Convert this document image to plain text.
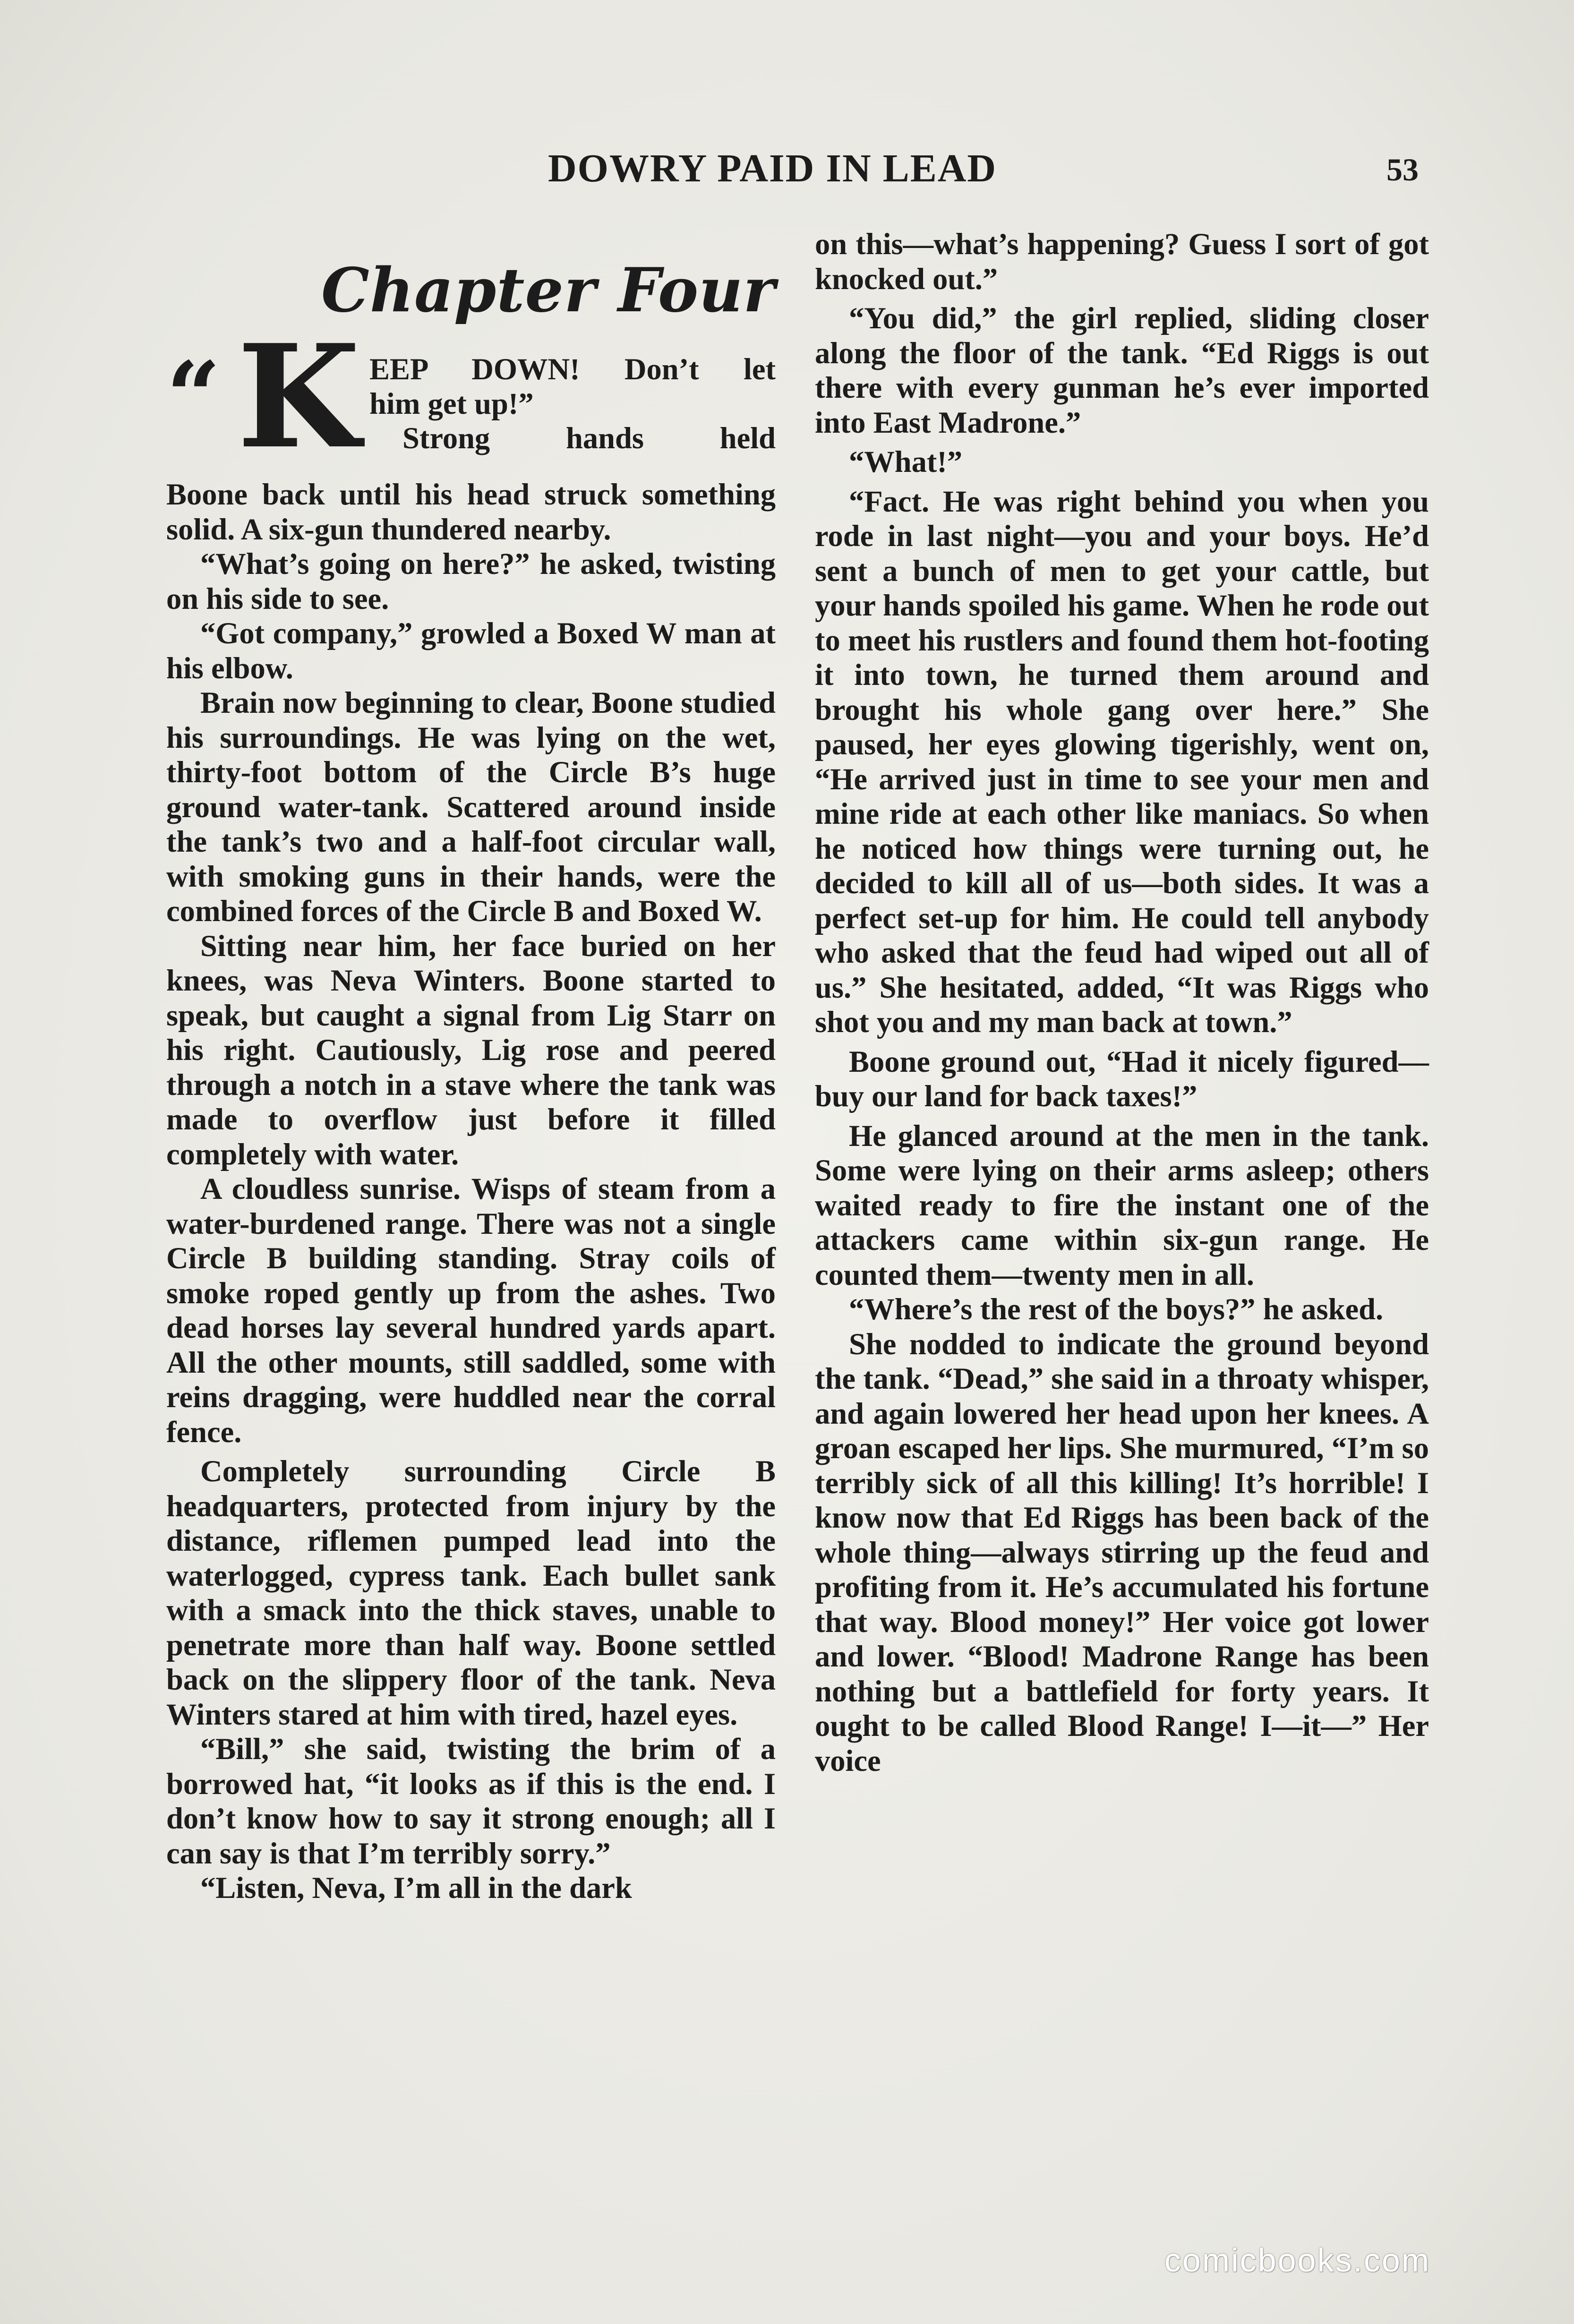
DOWRY PAID IN LEAD	53
Chapter Four
“ K EEP DOWN! Don’t let
him get up!”
Strong hands held

Boone back until his head struck something solid. A six-gun thundered nearby.

“What’s going on here?” he asked, twisting on his side to see.

“Got company,” growled a Boxed W man at his elbow.

Brain now beginning to clear, Boone studied his surroundings. He was lying on the wet, thirty-foot bottom of the Circle B’s huge ground water-tank. Scattered around inside the tank’s two and a half-foot circular wall, with smoking guns in their hands, were the combined forces of the Circle B and Boxed W.

Sitting near him, her face buried on her knees, was Neva Winters. Boone started to speak, but caught a signal from Lig Starr on his right. Cautiously, Lig rose and peered through a notch in a stave where the tank was made to overflow just before it filled completely with water.

A cloudless sunrise. Wisps of steam from a water-burdened range. There was not a single Circle B building standing. Stray coils of smoke roped gently up from the ashes. Two dead horses lay several hundred yards apart. All the other mounts, still saddled, some with reins dragging, were huddled near the corral fence.

Completely surrounding Circle B headquarters, protected from injury by the distance, riflemen pumped lead into the waterlogged, cypress tank. Each bullet sank with a smack into the thick staves, unable to penetrate more than half way. Boone settled back on the slippery floor of the tank. Neva Winters stared at him with tired, hazel eyes.

“Bill,” she said, twisting the brim of a borrowed hat, “it looks as if this is the end. I don’t know how to say it strong enough; all I can say is that I’m terribly sorry.”

“Listen, Neva, I’m all in the dark

on this—what’s happening? Guess I sort of got knocked out.”

“You did,” the girl replied, sliding closer along the floor of the tank. “Ed Riggs is out there with every gunman he’s ever imported into East Madrone.”

“What!”

“Fact. He was right behind you when you rode in last night—you and your boys. He’d sent a bunch of men to get your cattle, but your hands spoiled his game. When he rode out to meet his rustlers and found them hot-footing it into town, he turned them around and brought his whole gang over here.” She paused, her eyes glowing tigerishly, went on, “He arrived just in time to see your men and mine ride at each other like maniacs. So when he noticed how things were turning out, he decided to kill all of us—both sides. It was a perfect set-up for him. He could tell anybody who asked that the feud had wiped out all of us.” She hesitated, added, “It was Riggs who shot you and my man back at town.”

Boone ground out, “Had it nicely figured—buy our land for back taxes!”

He glanced around at the men in the tank. Some were lying on their arms asleep; others waited ready to fire the instant one of the attackers came within six-gun range. He counted them—twenty men in all.

“Where’s the rest of the boys?” he asked.

She nodded to indicate the ground beyond the tank. “Dead,” she said in a throaty whisper, and again lowered her head upon her knees. A groan escaped her lips. She murmured, “I’m so terribly sick of all this killing! It’s horrible! I know now that Ed Riggs has been back of the whole thing—always stirring up the feud and profiting from it. He’s accumulated his fortune that way. Blood money!” Her voice got lower and lower. “Blood! Madrone Range has been nothing but a battlefield for forty years. It ought to be called Blood Range! I—it—” Her voice

comicbooks.com
